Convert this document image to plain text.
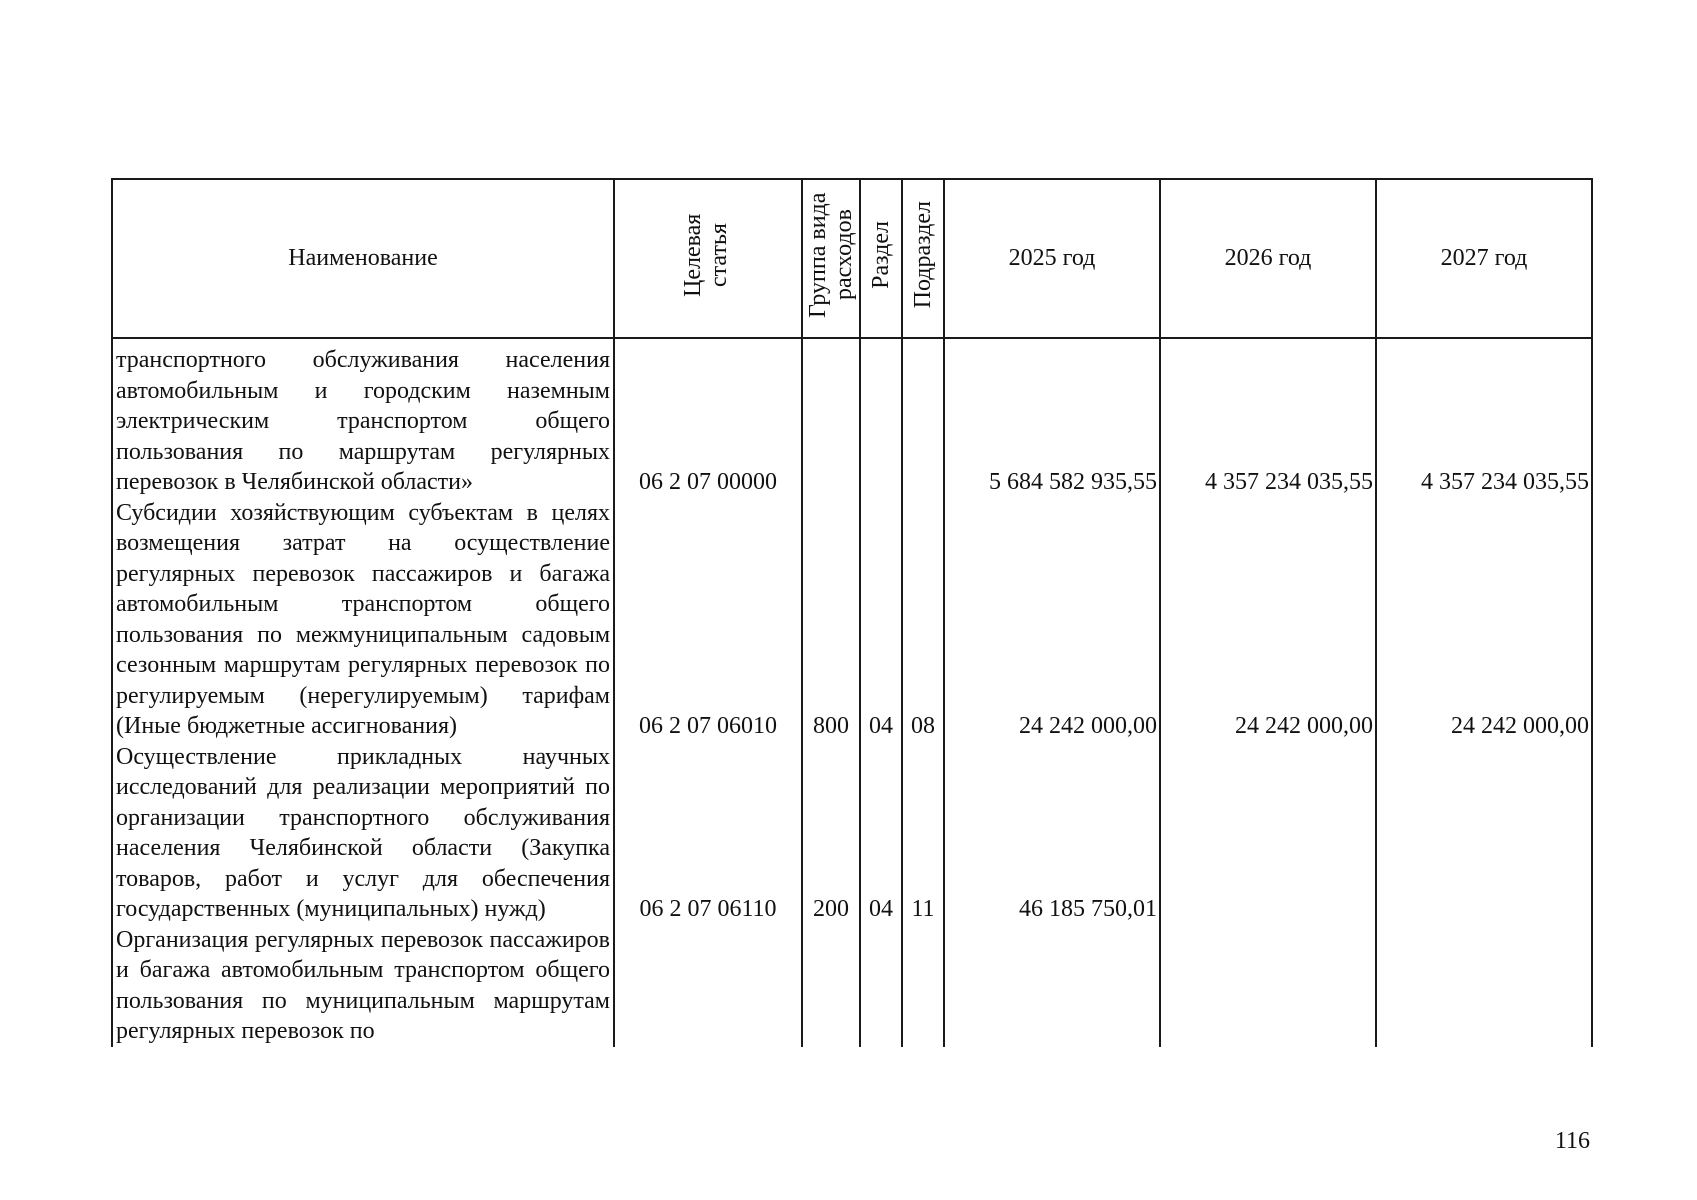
Наименование	Целевая статья	Группа вида расходов	Раздел	Подраздел	2025 год	2026 год	2027 год
транспортного обслуживания населения автомобильным и городским наземным электрическим транспортом общего пользования по маршрутам регулярных перевозок в Челябинской области»	06 2 07 00000				5 684 582 935,55	4 357 234 035,55	4 357 234 035,55
Субсидии хозяйствующим субъектам в целях возмещения затрат на осуществление регулярных перевозок пассажиров и багажа автомобильным транспортом общего пользования по межмуниципальным садовым сезонным маршрутам регулярных перевозок по регулируемым (нерегулируемым) тарифам (Иные бюджетные ассигнования)	06 2 07 06010	800	04	08	24 242 000,00	24 242 000,00	24 242 000,00
Осуществление прикладных научных исследований для реализации мероприятий по организации транспортного обслуживания населения Челябинской области (Закупка товаров, работ и услуг для обеспечения государственных (муниципальных) нужд)	06 2 07 06110	200	04	11	46 185 750,01		
Организация регулярных перевозок пассажиров и багажа автомобильным транспортом общего пользования по муниципальным маршрутам регулярных перевозок по							
116
